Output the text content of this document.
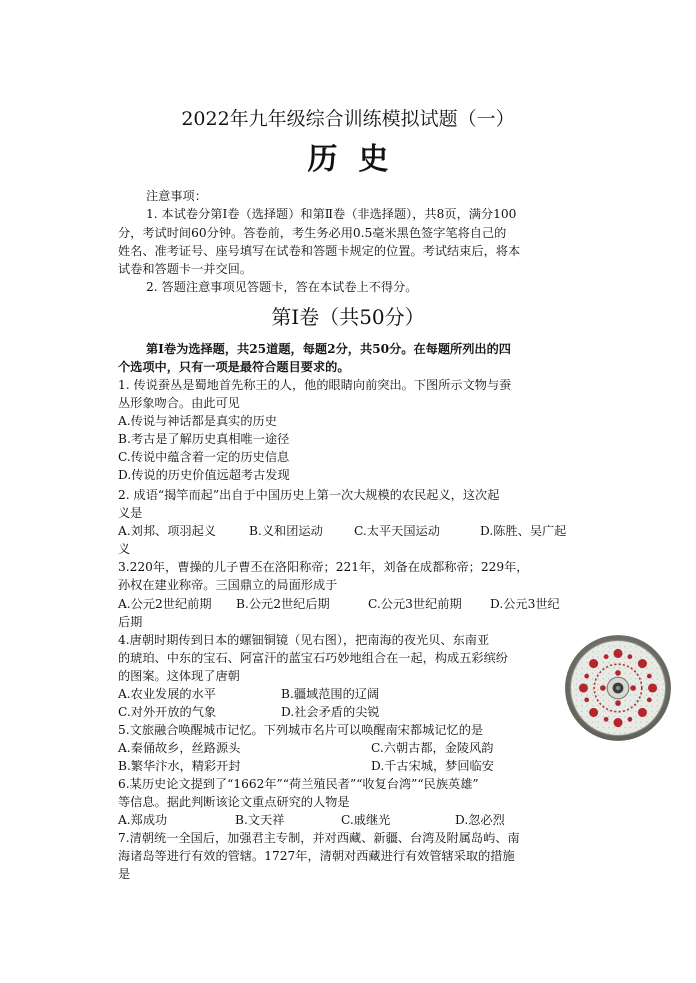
2022年九年级综合训练模拟试题（一）
历  史
注意事项：
1. 本试卷分第Ⅰ卷（选择题）和第Ⅱ卷（非选择题），共8页，满分100
分，考试时间60分钟。答卷前，考生务必用0.5毫米黑色签字笔将自己的
姓名、准考证号、座号填写在试卷和答题卡规定的位置。考试结束后，将本
试卷和答题卡一并交回。
2. 答题注意事项见答题卡，答在本试卷上不得分。
第Ⅰ卷（共50分）
第Ⅰ卷为选择题，共25道题，每题2分，共50分。在每题所列出的四
个选项中，只有一项是最符合题目要求的。
1. 传说蚕丛是蜀地首先称王的人，他的眼睛向前突出。下图所示文物与蚕
丛形象吻合。由此可见
A.传说与神话都是真实的历史
B.考古是了解历史真相唯一途径
C.传说中蕴含着一定的历史信息
D.传说的历史价值远超考古发现
2. 成语“揭竿而起”出自于中国历史上第一次大规模的农民起义，这次起
义是
A.刘邦、项羽起义	B.义和团运动	C.太平天国运动	D.陈胜、吴广起
义
3.220年，曹操的儿子曹丕在洛阳称帝；221年，刘备在成都称帝；229年，
孙权在建业称帝。三国鼎立的局面形成于
A.公元2世纪前期 B.公元2世纪后期	C.公元3世纪前期 D.公元3世纪
后期
4.唐朝时期传到日本的螺钿铜镜（见右图），把南海的夜光贝、东南亚
的琥珀、中东的宝石、阿富汗的蓝宝石巧妙地组合在一起，构成五彩缤纷
的图案。这体现了唐朝
A.农业发展的水平	B.疆域范围的辽阔
C.对外开放的气象	D.社会矛盾的尖锐
5.文旅融合唤醒城市记忆。下列城市名片可以唤醒南宋都城记忆的是
A.秦俑故乡，丝路源头	C.六朝古都，金陵风韵
B.繁华汴水，精彩开封	D.千古宋城，梦回临安
6.某历史论文提到了“1662年”“荷兰殖民者”“收复台湾”“民族英雄”
等信息。据此判断该论文重点研究的人物是
A.郑成功	B.文天祥	C.戚继光	D.忽必烈
7.清朝统一全国后，加强君主专制，并对西藏、新疆、台湾及附属岛屿、南
海诸岛等进行有效的管辖。1727年，清朝对西藏进行有效管辖采取的措施
是
